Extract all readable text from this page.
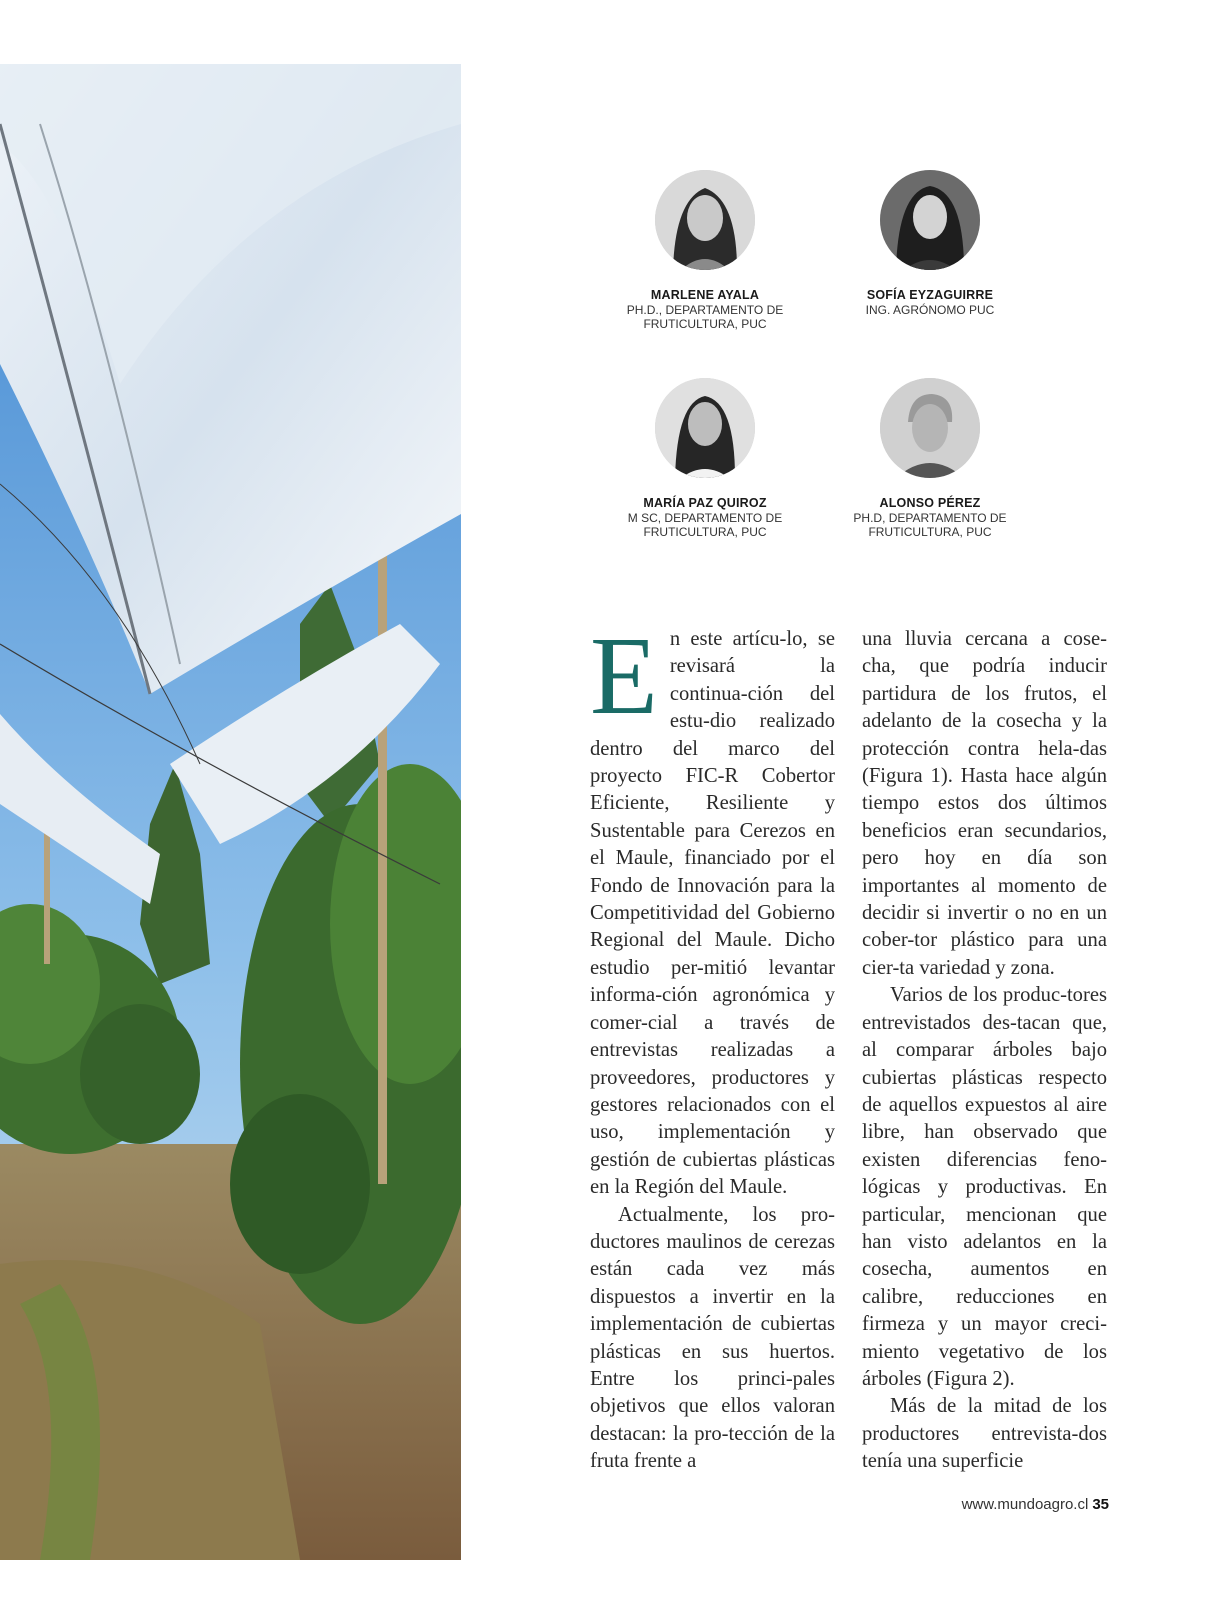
MARLENE AYALA
PH.D., DEPARTAMENTO DE
FRUTICULTURA, PUC
SOFÍA EYZAGUIRRE
ING. AGRÓNOMO PUC
MARÍA PAZ QUIROZ
M SC, DEPARTAMENTO DE
FRUTICULTURA, PUC
ALONSO PÉREZ
PH.D, DEPARTAMENTO DE
FRUTICULTURA, PUC

En este artícu-lo, se revisará la continua-ción del estu-dio realizado dentro del marco del proyecto FIC-R Cobertor Eficiente, Resiliente y Sustentable para Cerezos en el Maule, financiado por el Fondo de Innovación para la Competitividad del Gobierno Regional del Maule. Dicho estudio per-mitió levantar informa-ción agronómica y comer-cial a través de entrevistas realizadas a proveedores, productores y gestores relacionados con el uso, implementación y gestión de cubiertas plásticas en la Región del Maule.

Actualmente, los pro-ductores maulinos de cerezas están cada vez más dispuestos a invertir en la implementación de cubiertas plásticas en sus huertos. Entre los princi-pales objetivos que ellos valoran destacan: la pro-tección de la fruta frente a

una lluvia cercana a cose-cha, que podría inducir partidura de los frutos, el adelanto de la cosecha y la protección contra hela-das (Figura 1). Hasta hace algún tiempo estos dos últimos beneficios eran secundarios, pero hoy en día son importantes al momento de decidir si invertir o no en un cober-tor plástico para una cier-ta variedad y zona.

Varios de los produc-tores entrevistados des-tacan que, al comparar árboles bajo cubiertas plásticas respecto de aquellos expuestos al aire libre, han observado que existen diferencias feno-lógicas y productivas. En particular, mencionan que han visto adelantos en la cosecha, aumentos en calibre, reducciones en firmeza y un mayor creci-miento vegetativo de los árboles (Figura 2).

Más de la mitad de los productores entrevista-dos tenía una superficie

www.mundoagro.cl 35
